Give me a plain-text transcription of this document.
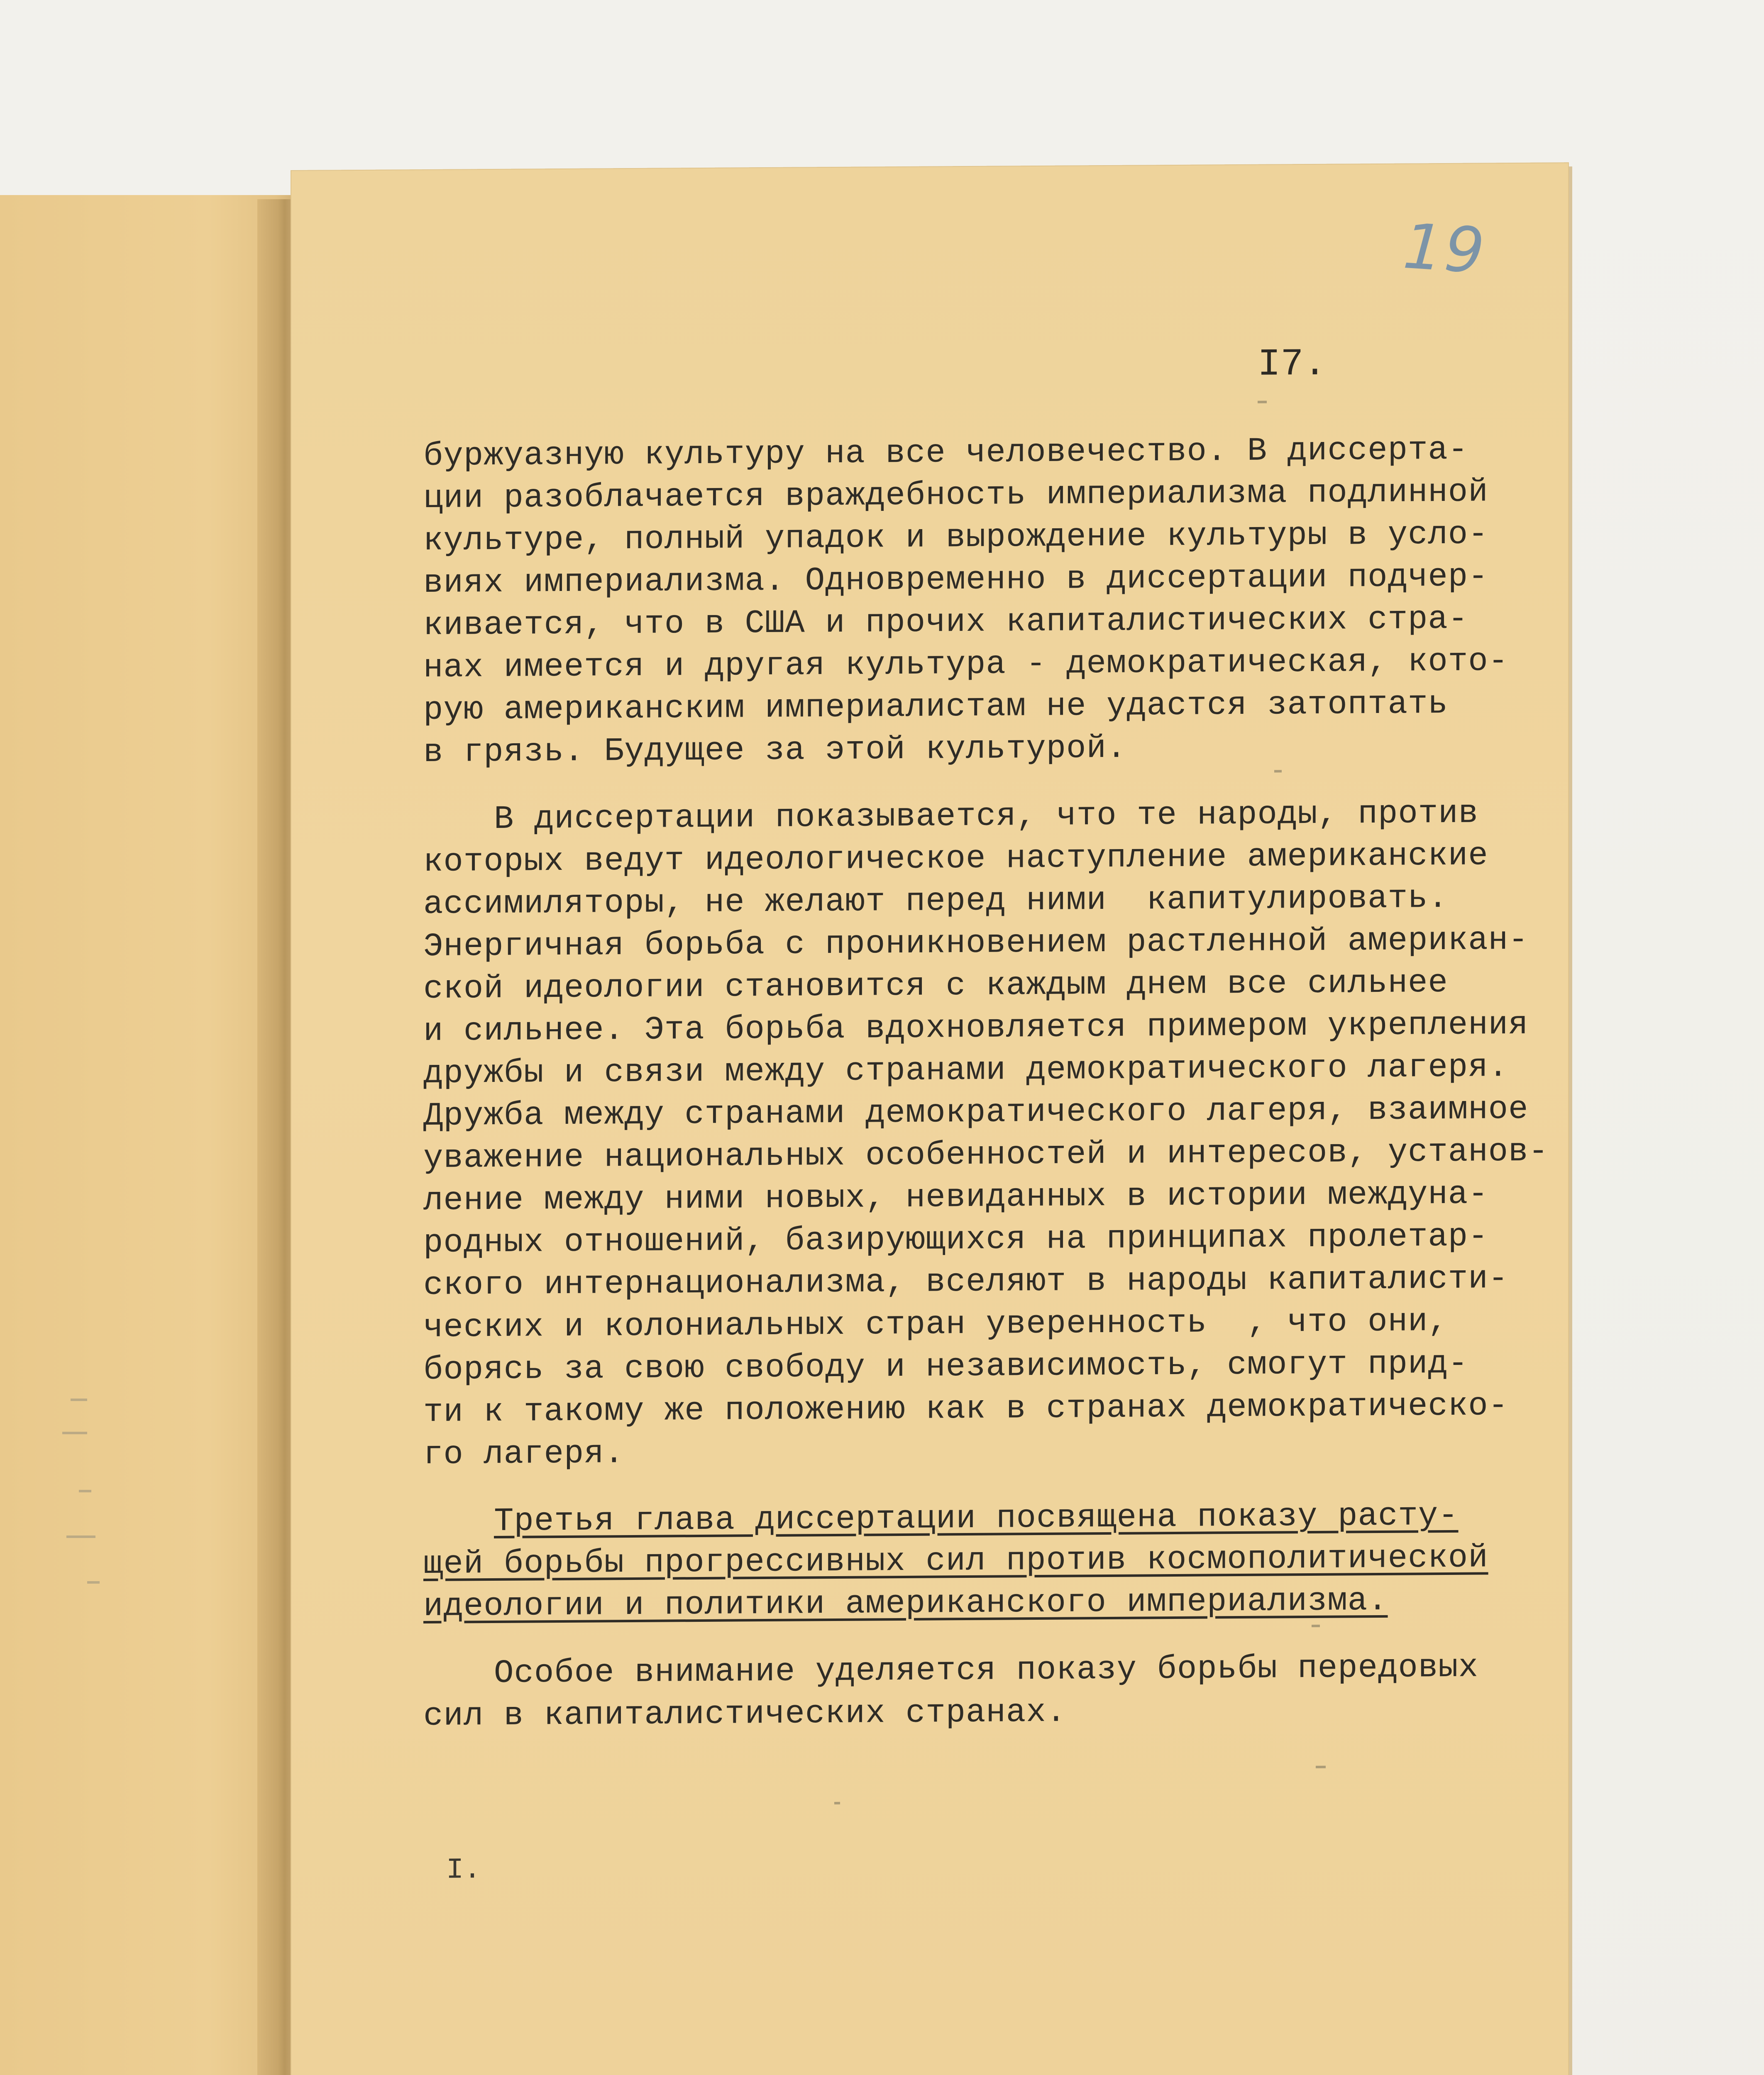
19
I7.

буржуазную культуру на все человечество. В диссерта-
ции разоблачается враждебность империализма подлинной
культуре, полный упадок и вырождение культуры в усло-
виях империализма. Одновременно в диссертации подчер-
кивается, что в США и прочих капиталистических стра-
нах имеется и другая культура - демократическая, кото-
рую американским империалистам не удастся затоптать
в грязь. Будущее за этой культурой.

В диссертации показывается, что те народы, против
которых ведут идеологическое наступление американские
ассимиляторы, не желают перед ними  капитулировать.
Энергичная борьба с проникновением растленной американ-
ской идеологии становится с каждым днем все сильнее
и сильнее. Эта борьба вдохновляется примером укрепления
дружбы и связи между странами демократического лагеря.
Дружба между странами демократического лагеря, взаимное
уважение национальных особенностей и интересов, установ-
ление между ними новых, невиданных в истории междуна-
родных отношений, базирующихся на принципах пролетар-
ского интернационализма, вселяют в народы капиталисти-
ческих и колониальных стран уверенность  , что они,
борясь за свою свободу и независимость, смогут прид-
ти к такому же положению как в странах демократическо-
го лагеря.

Третья глава диссертации посвящена показу расту-
щей борьбы прогрессивных сил против космополитической
идеологии и политики американского империализма.

Особое внимание уделяется показу борьбы передовых
сил в капиталистических странах.

I.
